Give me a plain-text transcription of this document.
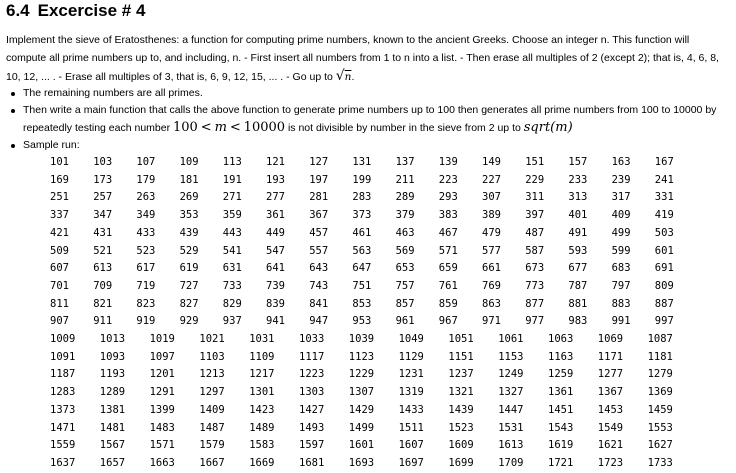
6.4 Excercise # 4
Implement the sieve of Eratosthenes: a function for computing prime numbers, known to the ancient Greeks. Choose an integer n. This function will compute all prime numbers up to, and including, n. - First insert all numbers from 1 to n into a list. - Then erase all multiples of 2 (except 2); that is, 4, 6, 8, 10, 12, ... . - Erase all multiples of 3, that is, 6, 9, 12, 15, ... . - Go up to √n.
The remaining numbers are all primes.
Then write a main function that calls the above function to generate prime numbers up to 100 then generates all prime numbers from 100 to 10000 by repeatedly testing each number 100 < m < 10000 is not divisible by number in the sieve from 2 up to sqrt(m)
Sample run:
101 103 107 109 113 121 127 131 137 139 149 151 157 163 167
169 173 179 181 191 193 197 199 211 223 227 229 233 239 241
251 257 263 269 271 277 281 283 289 293 307 311 313 317 331
337 347 349 353 359 361 367 373 379 383 389 397 401 409 419
421 431 433 439 443 449 457 461 463 467 479 487 491 499 503
509 521 523 529 541 547 557 563 569 571 577 587 593 599 601
607 613 617 619 631 641 643 647 653 659 661 673 677 683 691
701 709 719 727 733 739 743 751 757 761 769 773 787 797 809
811 821 823 827 829 839 841 853 857 859 863 877 881 883 887
907 911 919 929 937 941 947 953 961 967 971 977 983 991 997
1009 1013 1019 1021 1031 1033 1039 1049 1051 1061 1063 1069 1087
1091 1093 1097 1103 1109 1117 1123 1129 1151 1153 1163 1171 1181
1187 1193 1201 1213 1217 1223 1229 1231 1237 1249 1259 1277 1279
1283 1289 1291 1297 1301 1303 1307 1319 1321 1327 1361 1367 1369
1373 1381 1399 1409 1423 1427 1429 1433 1439 1447 1451 1453 1459
1471 1481 1483 1487 1489 1493 1499 1511 1523 1531 1543 1549 1553
1559 1567 1571 1579 1583 1597 1601 1607 1609 1613 1619 1621 1627
1637 1657 1663 1667 1669 1681 1693 1697 1699 1709 1721 1723 1733
